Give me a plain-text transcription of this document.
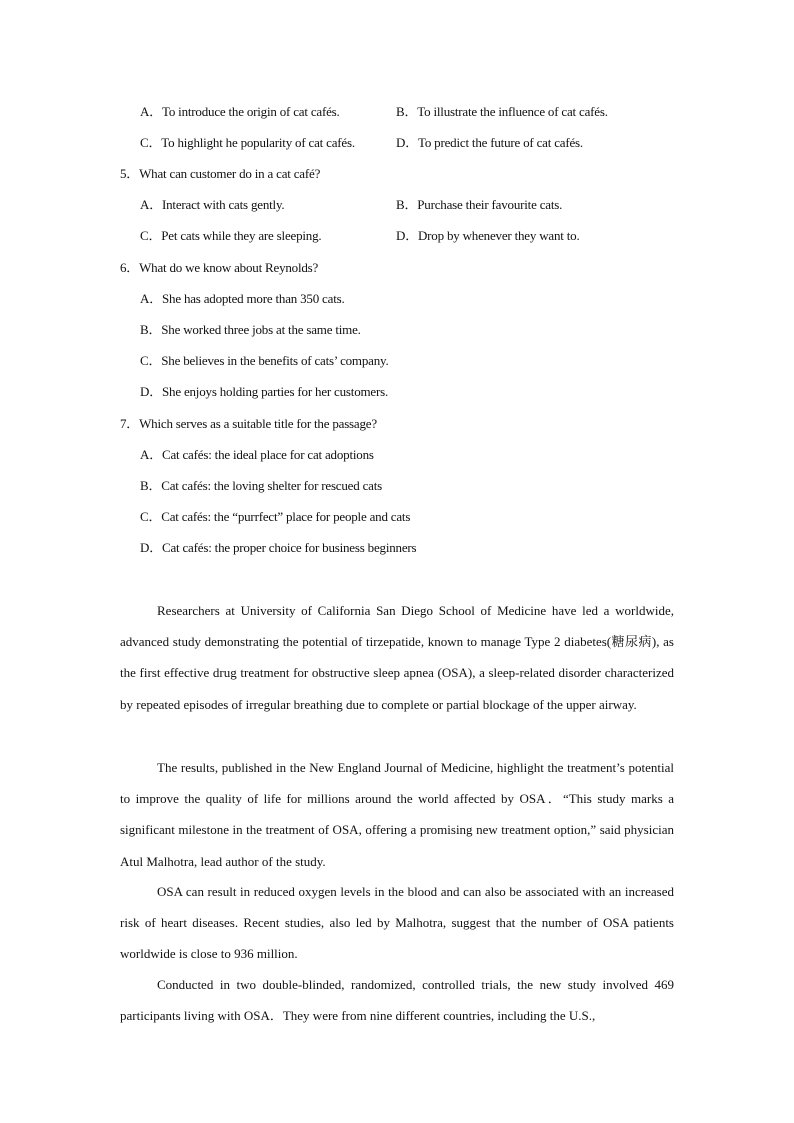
A．To introduce the origin of cat cafés.	B．To illustrate the influence of cat cafés.
C．To highlight he popularity of cat cafés.	D．To predict the future of cat cafés.
5．What can customer do in a cat café?
A．Interact with cats gently.	B．Purchase their favourite cats.
C．Pet cats while they are sleeping.	D．Drop by whenever they want to.
6．What do we know about Reynolds?
A．She has adopted more than 350 cats.
B．She worked three jobs at the same time.
C．She believes in the benefits of cats’ company.
D．She enjoys holding parties for her customers.
7．Which serves as a suitable title for the passage?
A．Cat cafés: the ideal place for cat adoptions
B．Cat cafés: the loving shelter for rescued cats
C．Cat cafés: the “purrfect” place for people and cats
D．Cat cafés: the proper choice for business beginners

Researchers at University of California San Diego School of Medicine have led a worldwide, advanced study demonstrating the potential of tirzepatide, known to manage Type 2 diabetes(糖尿病), as the first effective drug treatment for obstructive sleep apnea (OSA), a sleep-related disorder characterized by repeated episodes of irregular breathing due to complete or partial blockage of the upper airway.

The results, published in the New England Journal of Medicine, highlight the treatment’s potential to improve the quality of life for millions around the world affected by OSA．“This study marks a significant milestone in the treatment of OSA, offering a promising new treatment option,” said physician Atul Malhotra, lead author of the study.

OSA can result in reduced oxygen levels in the blood and can also be associated with an increased risk of heart diseases. Recent studies, also led by Malhotra, suggest that the number of OSA patients worldwide is close to 936 million.

Conducted in two double-blinded, randomized, controlled trials, the new study involved 469 participants living with OSA．They were from nine different countries, including the U.S.,
